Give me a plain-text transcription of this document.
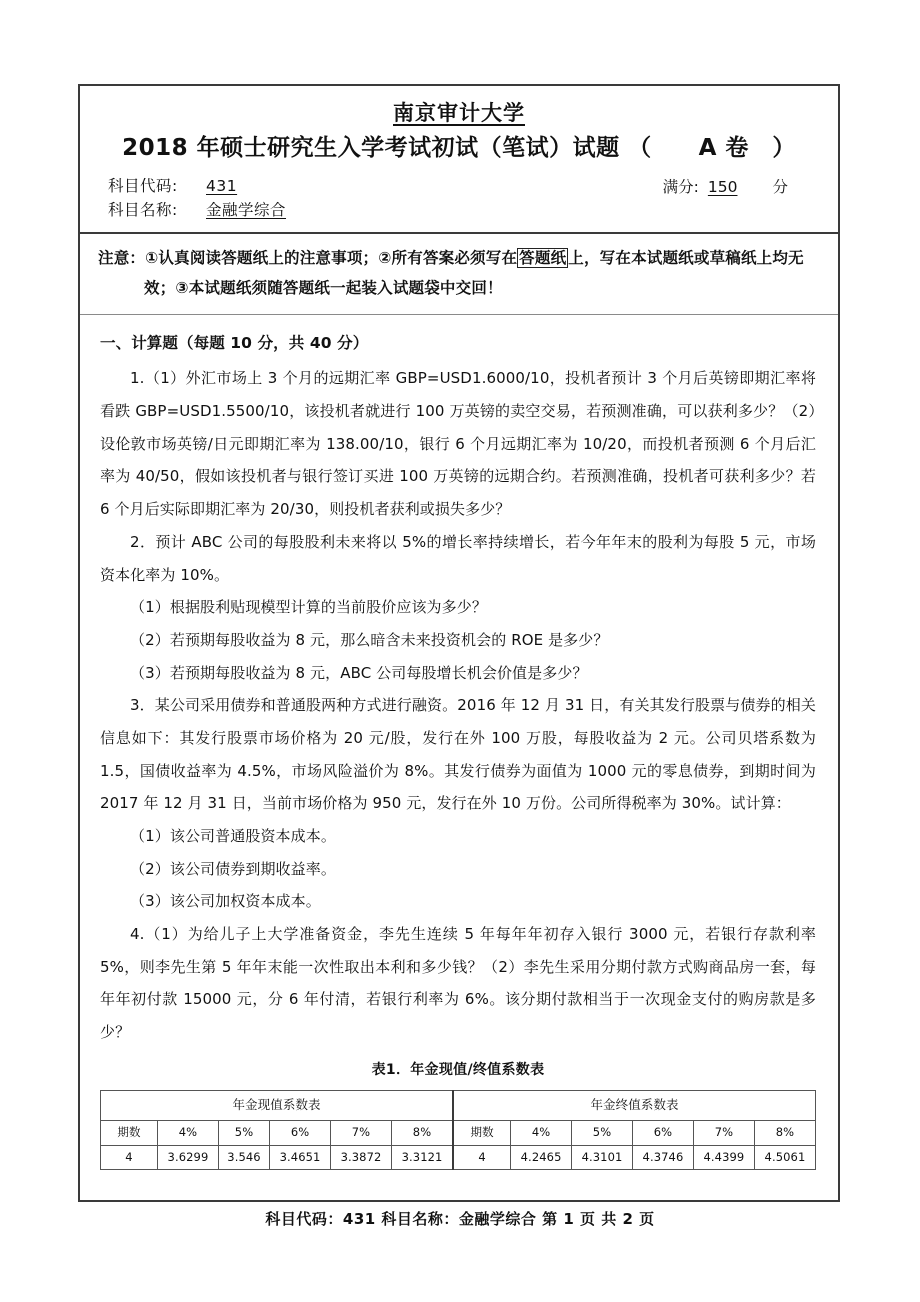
南京审计大学
2018 年硕士研究生入学考试初试（笔试）试题 （　　A 卷　）
科目代码:	431
科目名称:	金融学综合
满分: 150	分
注意：①认真阅读答题纸上的注意事项；②所有答案必须写在 答题纸 上，写在本试题纸或草稿纸上均无
效；③本试题纸须随答题纸一起装入试题袋中交回！
一、计算题（每题 10 分，共 40 分）

1.（1）外汇市场上 3 个月的远期汇率 GBP=USD1.6000/10，投机者预计 3 个月后英镑即期汇率将看跌 GBP=USD1.5500/10，该投机者就进行 100 万英镑的卖空交易，若预测准确，可以获利多少？（2）设伦敦市场英镑/日元即期汇率为 138.00/10，银行 6 个月远期汇率为 10/20，而投机者预测 6 个月后汇率为 40/50，假如该投机者与银行签订买进 100 万英镑的远期合约。若预测准确，投机者可获利多少？若 6 个月后实际即期汇率为 20/30，则投机者获利或损失多少？

2．预计 ABC 公司的每股股利未来将以 5%的增长率持续增长，若今年年末的股利为每股 5 元，市场资本化率为 10%。

（1）根据股利贴现模型计算的当前股价应该为多少？

（2）若预期每股收益为 8 元，那么暗含未来投资机会的 ROE 是多少？

（3）若预期每股收益为 8 元，ABC 公司每股增长机会价值是多少？

3．某公司采用债券和普通股两种方式进行融资。2016 年 12 月 31 日，有关其发行股票与债券的相关信息如下：其发行股票市场价格为 20 元/股，发行在外 100 万股，每股收益为 2 元。公司贝塔系数为 1.5，国债收益率为 4.5%，市场风险溢价为 8%。其发行债券为面值为 1000 元的零息债券，到期时间为 2017 年 12 月 31 日，当前市场价格为 950 元，发行在外 10 万份。公司所得税率为 30%。试计算：

（1）该公司普通股资本成本。

（2）该公司债券到期收益率。

（3）该公司加权资本成本。

4.（1）为给儿子上大学准备资金，李先生连续 5 年每年年初存入银行 3000 元，若银行存款利率 5%，则李先生第 5 年年末能一次性取出本利和多少钱？（2）李先生采用分期付款方式购商品房一套，每年年初付款 15000 元，分 6 年付清，若银行利率为 6%。该分期付款相当于一次现金支付的购房款是多少？

表1．年金现值/终值系数表
年金现值系数表						年金终值系数表					
期数	4%	5%	6%	7%	8%	期数	4%	5%	6%	7%	8%
4	3.6299	3.546	3.4651	3.3872	3.3121	4	4.2465	4.3101	4.3746	4.4399	4.5061
科目代码：431 科目名称：金融学综合 第 1 页 共 2 页
